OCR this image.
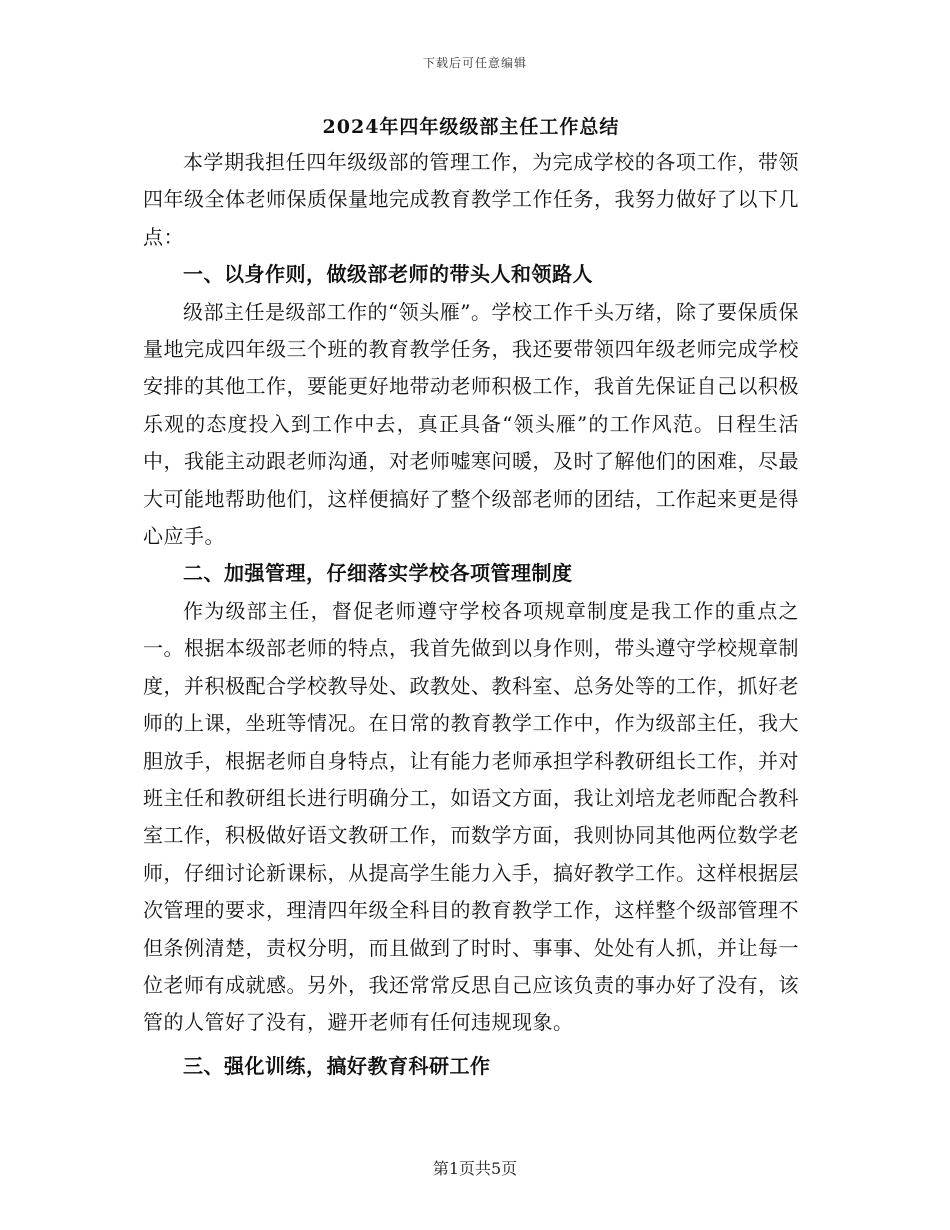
下载后可任意编辑
2024年四年级级部主任工作总结

本学期我担任四年级级部的管理工作，为完成学校的各项工作，带领四年级全体老师保质保量地完成教育教学工作任务，我努力做好了以下几点：

一、以身作则，做级部老师的带头人和领路人

级部主任是级部工作的“领头雁”。学校工作千头万绪，除了要保质保量地完成四年级三个班的教育教学任务，我还要带领四年级老师完成学校安排的其他工作，要能更好地带动老师积极工作，我首先保证自己以积极乐观的态度投入到工作中去，真正具备“领头雁”的工作风范。日程生活中，我能主动跟老师沟通，对老师嘘寒问暖，及时了解他们的困难，尽最大可能地帮助他们，这样便搞好了整个级部老师的团结，工作起来更是得心应手。

二、加强管理，仔细落实学校各项管理制度

作为级部主任，督促老师遵守学校各项规章制度是我工作的重点之一。根据本级部老师的特点，我首先做到以身作则，带头遵守学校规章制度，并积极配合学校教导处、政教处、教科室、总务处等的工作，抓好老师的上课，坐班等情况。在日常的教育教学工作中，作为级部主任，我大胆放手，根据老师自身特点，让有能力老师承担学科教研组长工作，并对班主任和教研组长进行明确分工，如语文方面，我让刘培龙老师配合教科室工作，积极做好语文教研工作，而数学方面，我则协同其他两位数学老师，仔细讨论新课标，从提高学生能力入手，搞好教学工作。这样根据层次管理的要求，理清四年级全科目的教育教学工作，这样整个级部管理不但条例清楚，责权分明，而且做到了时时、事事、处处有人抓，并让每一位老师有成就感。另外，我还常常反思自己应该负责的事办好了没有，该管的人管好了没有，避开老师有任何违规现象。

三、强化训练，搞好教育科研工作

第1页共5页
